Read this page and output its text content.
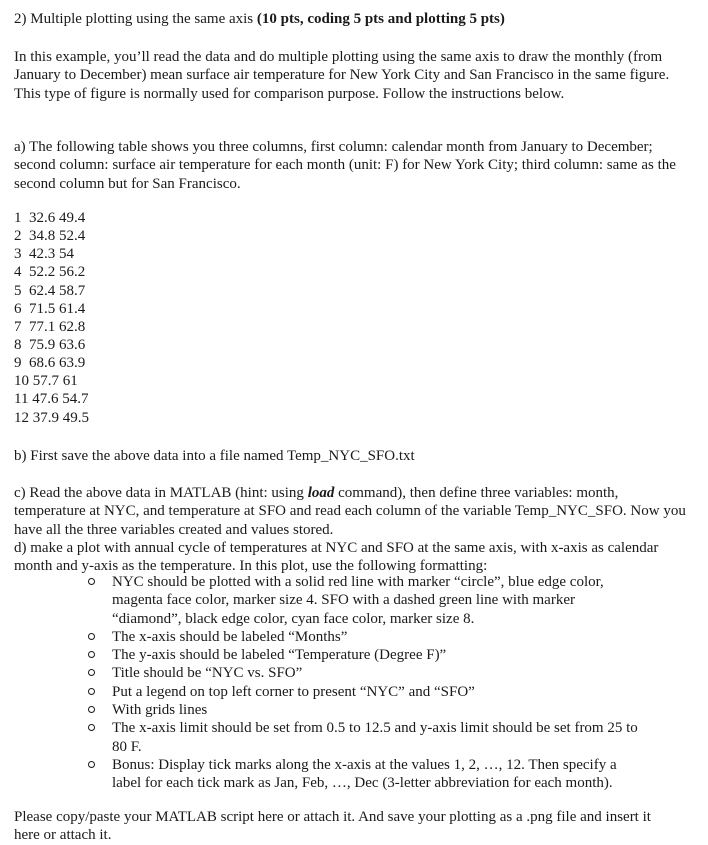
2) Multiple plotting using the same axis (10 pts, coding 5 pts and plotting 5 pts)

In this example, you’ll read the data and do multiple plotting using the same axis to draw the monthly (from January to December) mean surface air temperature for New York City and San Francisco in the same figure. This type of figure is normally used for comparison purpose. Follow the instructions below.

a) The following table shows you three columns, first column: calendar month from January to December; second column: surface air temperature for each month (unit: F) for New York City; third column: same as the second column but for San Francisco.

1  32.6 49.4
2  34.8 52.4
3  42.3 54
4  52.2 56.2
5  62.4 58.7
6  71.5 61.4
7  77.1 62.8
8  75.9 63.6
9  68.6 63.9
10 57.7 61
11 47.6 54.7
12 37.9 49.5

b) First save the above data into a file named Temp_NYC_SFO.txt

c) Read the above data in MATLAB (hint: using load command), then define three variables: month, temperature at NYC, and temperature at SFO and read each column of the variable Temp_NYC_SFO. Now you have all the three variables created and values stored.

d) make a plot with annual cycle of temperatures at NYC and SFO at the same axis, with x-axis as calendar month and y-axis as the temperature. In this plot, use the following formatting:

NYC should be plotted with a solid red line with marker “circle”, blue edge color, magenta face color, marker size 4. SFO with a dashed green line with marker “diamond”, black edge color, cyan face color, marker size 8.
The x-axis should be labeled “Months”
The y-axis should be labeled “Temperature (Degree F)”
Title should be “NYC vs. SFO”
Put a legend on top left corner to present “NYC” and “SFO”
With grids lines
The x-axis limit should be set from 0.5 to 12.5 and y-axis limit should be set from 25 to 80 F.
Bonus: Display tick marks along the x-axis at the values 1, 2, …, 12. Then specify a label for each tick mark as Jan, Feb, …, Dec (3-letter abbreviation for each month).

Please copy/paste your MATLAB script here or attach it. And save your plotting as a .png file and insert it here or attach it.
